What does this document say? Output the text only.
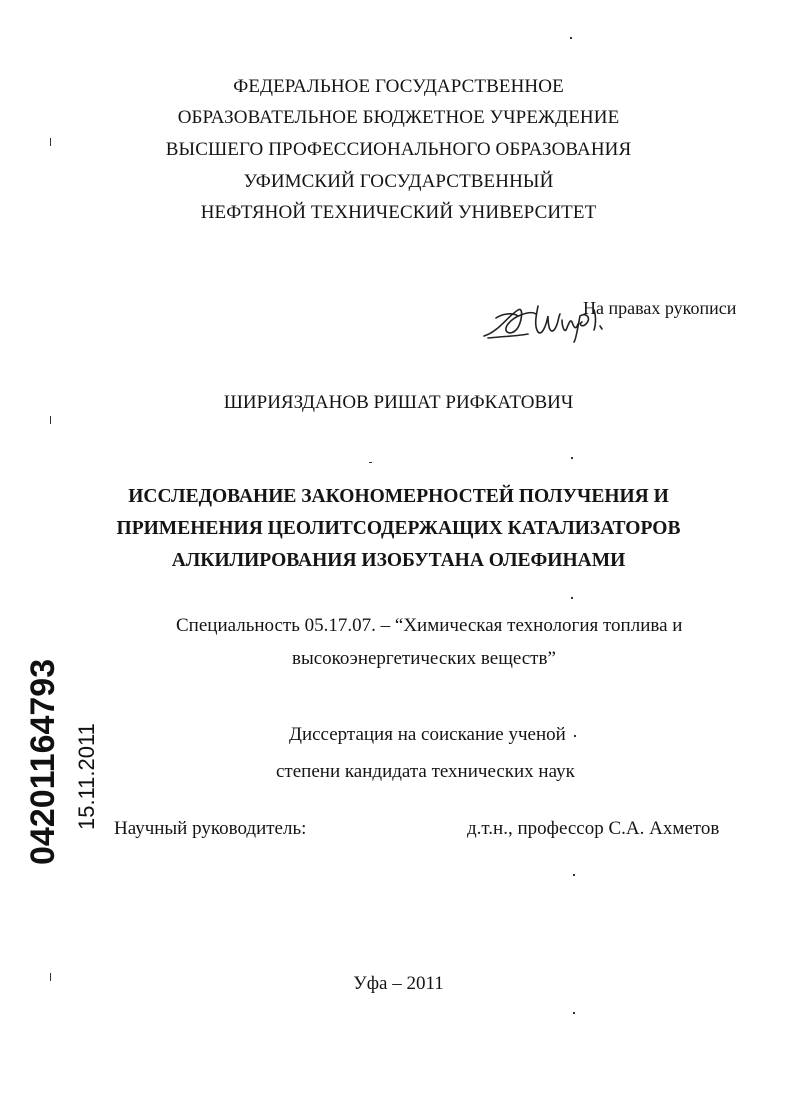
ФЕДЕРАЛЬНОЕ ГОСУДАРСТВЕННОЕ
ОБРАЗОВАТЕЛЬНОЕ БЮДЖЕТНОЕ УЧРЕЖДЕНИЕ
ВЫСШЕГО ПРОФЕССИОНАЛЬНОГО ОБРАЗОВАНИЯ
УФИМСКИЙ ГОСУДАРСТВЕННЫЙ
НЕФТЯНОЙ ТЕХНИЧЕСКИЙ УНИВЕРСИТЕТ
На правах рукописи
ШИРИЯЗДАНОВ РИШАТ РИФКАТОВИЧ
ИССЛЕДОВАНИЕ ЗАКОНОМЕРНОСТЕЙ ПОЛУЧЕНИЯ И
ПРИМЕНЕНИЯ ЦЕОЛИТСОДЕРЖАЩИХ КАТАЛИЗАТОРОВ
АЛКИЛИРОВАНИЯ ИЗОБУТАНА ОЛЕФИНАМИ
Специальность 05.17.07. – “Химическая технология топлива и
высокоэнергетических веществ”
Диссертация на соискание ученой
степени кандидата технических наук
Научный руководитель:	д.т.н., профессор С.А. Ахметов
Уфа – 2011
04201164793 15.11.2011
